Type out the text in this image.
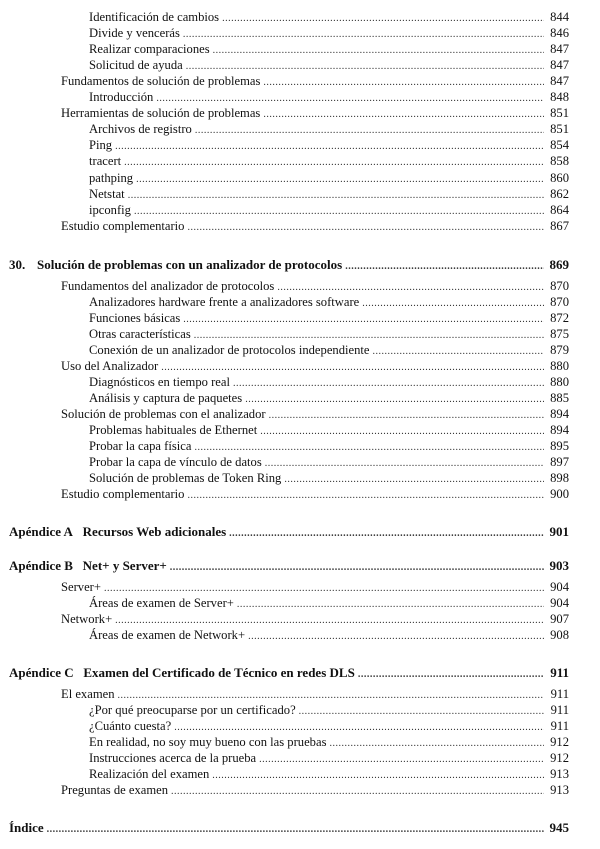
Identificación de cambios .....	844
Divide y vencerás .....	846
Realizar comparaciones .....	847
Solicitud de ayuda .....	847
Fundamentos de solución de problemas .....	847
Introducción .....	848
Herramientas de solución de problemas .....	851
Archivos de registro .....	851
Ping .....	854
tracert .....	858
pathping .....	860
Netstat .....	862
ipconfig .....	864
Estudio complementario .....	867
30. Solución de problemas con un analizador de protocolos .....	869
Fundamentos del analizador de protocolos .....	870
Analizadores hardware frente a analizadores software .....	870
Funciones básicas .....	872
Otras características .....	875
Conexión de un analizador de protocolos independiente .....	879
Uso del Analizador .....	880
Diagnósticos en tiempo real .....	880
Análisis y captura de paquetes .....	885
Solución de problemas con el analizador .....	894
Problemas habituales de Ethernet .....	894
Probar la capa física .....	895
Probar la capa de vínculo de datos .....	897
Solución de problemas de Token Ring .....	898
Estudio complementario .....	900
Apéndice A Recursos Web adicionales .....	901
Apéndice B Net+ y Server+ .....	903
Server+ .....	904
Áreas de examen de Server+ .....	904
Network+ .....	907
Áreas de examen de Network+ .....	908
Apéndice C Examen del Certificado de Técnico en redes DLS .....	911
El examen .....	911
¿Por qué preocuparse por un certificado? .....	911
¿Cuánto cuesta? .....	911
En realidad, no soy muy bueno con las pruebas .....	912
Instrucciones acerca de la prueba .....	912
Realización del examen .....	913
Preguntas de examen .....	913
Índice .....	945
